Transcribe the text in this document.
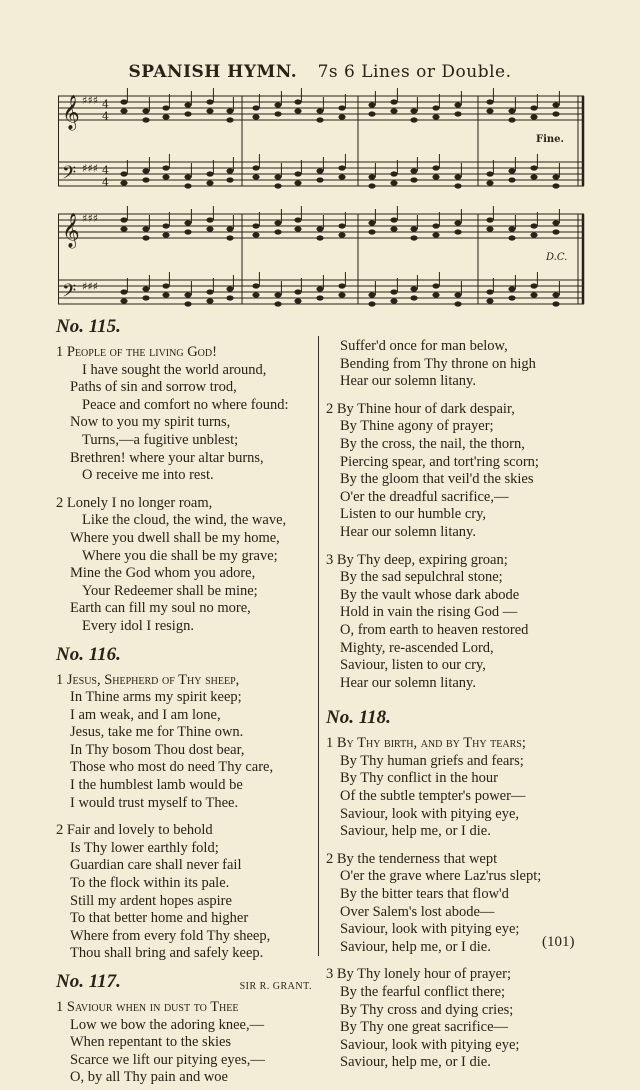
SPANISH HYMN. 7s 6 Lines or Double.
𝄞
𝄞
𝄢
𝄢
♯♯♯
♯♯♯
♯♯♯
♯♯♯
4
4
4
4
Fine.
D.C.
No. 115.
1 People of the living God!
I have sought the world around,
Paths of sin and sorrow trod,
Peace and comfort no where found:
Now to you my spirit turns,
Turns,—a fugitive unblest;
Brethren! where your altar burns,
O receive me into rest.
2 Lonely I no longer roam,
Like the cloud, the wind, the wave,
Where you dwell shall be my home,
Where you die shall be my grave;
Mine the God whom you adore,
Your Redeemer shall be mine;
Earth can fill my soul no more,
Every idol I resign.
No. 116.
1 Jesus, Shepherd of Thy sheep,
In Thine arms my spirit keep;
I am weak, and I am lone,
Jesus, take me for Thine own.
In Thy bosom Thou dost bear,
Those who most do need Thy care,
I the humblest lamb would be
I would trust myself to Thee.
2 Fair and lovely to behold
Is Thy lower earthly fold;
Guardian care shall never fail
To the flock within its pale.
Still my ardent hopes aspire
To that better home and higher
Where from every fold Thy sheep,
Thou shall bring and safely keep.
No. 117.	SIR R. GRANT.
1 Saviour when in dust to Thee
Low we bow the adoring knee,—
When repentant to the skies
Scarce we lift our pitying eyes,—
O, by all Thy pain and woe
Suffer'd once for man below,
Bending from Thy throne on high
Hear our solemn litany.
2 By Thine hour of dark despair,
By Thine agony of prayer;
By the cross, the nail, the thorn,
Piercing spear, and tort'ring scorn;
By the gloom that veil'd the skies
O'er the dreadful sacrifice,—
Listen to our humble cry,
Hear our solemn litany.
3 By Thy deep, expiring groan;
By the sad sepulchral stone;
By the vault whose dark abode
Hold in vain the rising God —
O, from earth to heaven restored
Mighty, re-ascended Lord,
Saviour, listen to our cry,
Hear our solemn litany.
No. 118.
1 By Thy birth, and by Thy tears;
By Thy human griefs and fears;
By Thy conflict in the hour
Of the subtle tempter's power—
Saviour, look with pitying eye,
Saviour, help me, or I die.
2 By the tenderness that wept
O'er the grave where Laz'rus slept;
By the bitter tears that flow'd
Over Salem's lost abode—
Saviour, look with pitying eye;
Saviour, help me, or I die.
3 By Thy lonely hour of prayer;
By the fearful conflict there;
By Thy cross and dying cries;
By Thy one great sacrifice—
Saviour, look with pitying eye;
Saviour, help me, or I die.
(101)
